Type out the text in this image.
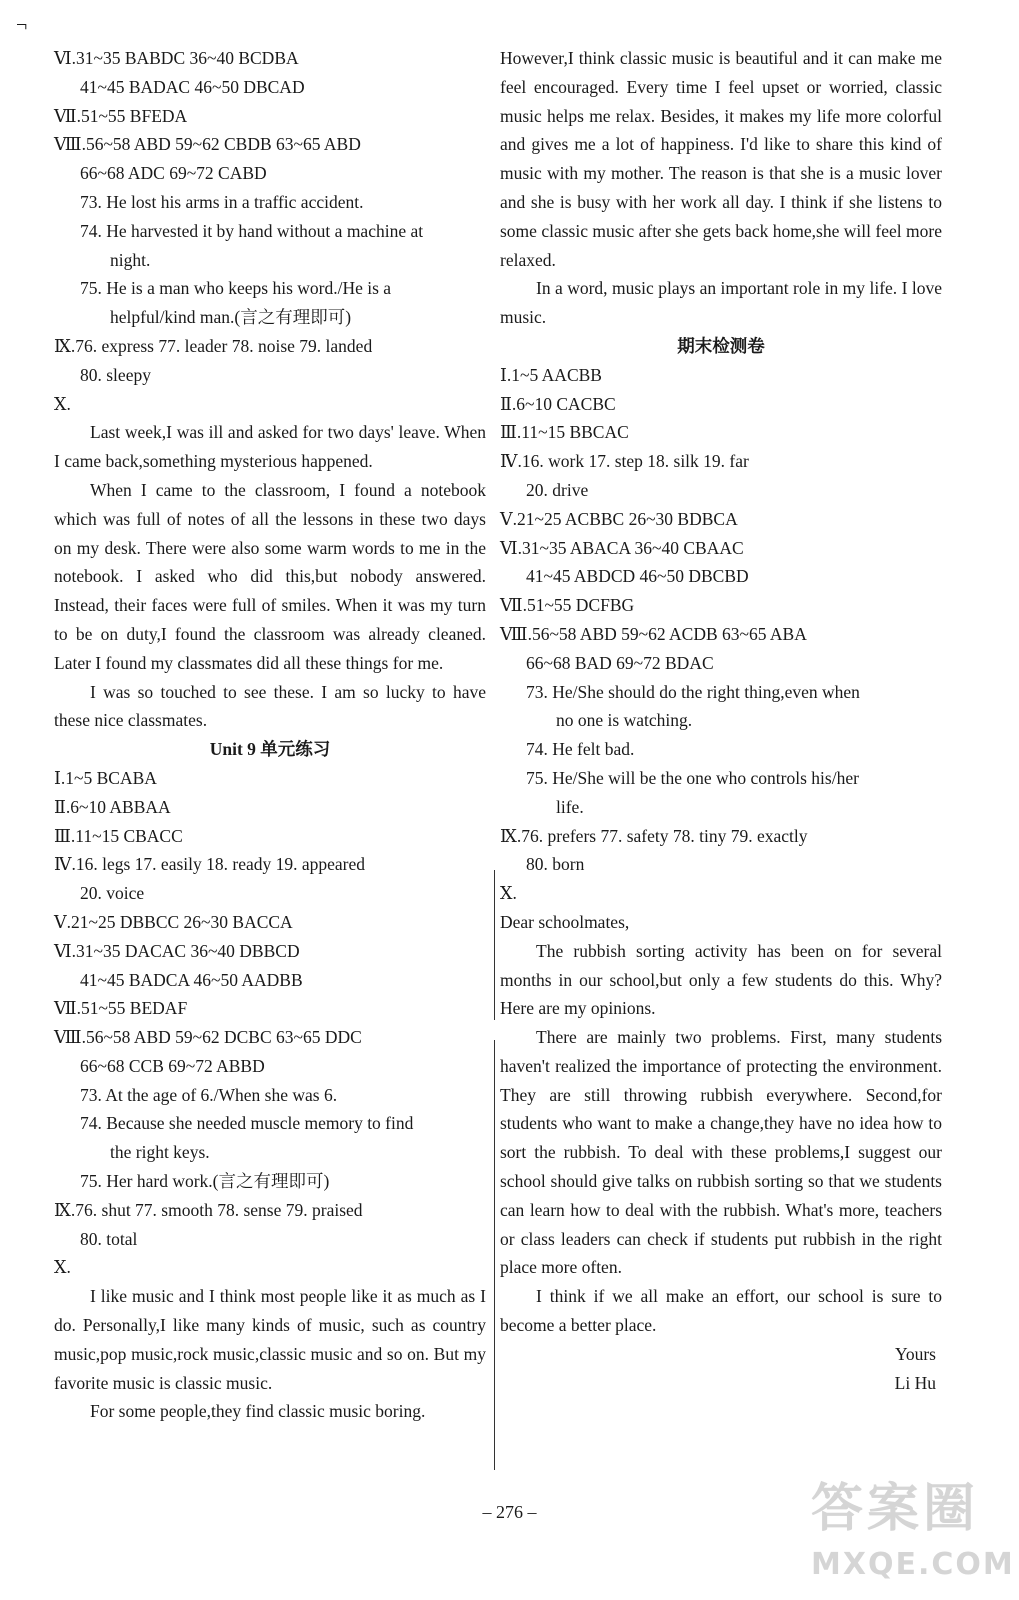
¬
Ⅵ.31~35 BABDC 36~40 BCDBA
41~45 BADAC 46~50 DBCAD
Ⅶ.51~55 BFEDA
Ⅷ.56~58 ABD 59~62 CBDB 63~65 ABD
66~68 ADC 69~72 CABD
73. He lost his arms in a traffic accident.
74. He harvested it by hand without a machine at
night.
75. He is a man who keeps his word./He is a
helpful/kind man.(言之有理即可)
Ⅸ.76. express 77. leader 78. noise 79. landed
80. sleepy
Ⅹ.
Last week,I was ill and asked for two days' leave. When I came back,something mysterious happened.
When I came to the classroom, I found a notebook which was full of notes of all the lessons in these two days on my desk. There were also some warm words to me in the notebook. I asked who did this,but nobody answered. Instead, their faces were full of smiles. When it was my turn to be on duty,I found the classroom was already cleaned. Later I found my classmates did all these things for me.
I was so touched to see these. I am so lucky to have these nice classmates.
Unit 9 单元练习
Ⅰ.1~5 BCABA
Ⅱ.6~10 ABBAA
Ⅲ.11~15 CBACC
Ⅳ.16. legs 17. easily 18. ready 19. appeared
20. voice
Ⅴ.21~25 DBBCC 26~30 BACCA
Ⅵ.31~35 DACAC 36~40 DBBCD
41~45 BADCA 46~50 AADBB
Ⅶ.51~55 BEDAF
Ⅷ.56~58 ABD 59~62 DCBC 63~65 DDC
66~68 CCB 69~72 ABBD
73. At the age of 6./When she was 6.
74. Because she needed muscle memory to find
the right keys.
75. Her hard work.(言之有理即可)
Ⅸ.76. shut 77. smooth 78. sense 79. praised
80. total
Ⅹ.
I like music and I think most people like it as much as I do. Personally,I like many kinds of music, such as country music,pop music,rock music,classic music and so on. But my favorite music is classic music.
For some people,they find classic music boring.
However,I think classic music is beautiful and it can make me feel encouraged. Every time I feel upset or worried, classic music helps me relax. Besides, it makes my life more colorful and gives me a lot of happiness. I'd like to share this kind of music with my mother. The reason is that she is a music lover and she is busy with her work all day. I think if she listens to some classic music after she gets back home,she will feel more relaxed.
In a word, music plays an important role in my life. I love music.
期末检测卷
Ⅰ.1~5 AACBB
Ⅱ.6~10 CACBC
Ⅲ.11~15 BBCAC
Ⅳ.16. work 17. step 18. silk 19. far
20. drive
Ⅴ.21~25 ACBBC 26~30 BDBCA
Ⅵ.31~35 ABACA 36~40 CBAAC
41~45 ABDCD 46~50 DBCBD
Ⅶ.51~55 DCFBG
Ⅷ.56~58 ABD 59~62 ACDB 63~65 ABA
66~68 BAD 69~72 BDAC
73. He/She should do the right thing,even when
no one is watching.
74. He felt bad.
75. He/She will be the one who controls his/her
life.
Ⅸ.76. prefers 77. safety 78. tiny 79. exactly
80. born
Ⅹ.
Dear schoolmates,
The rubbish sorting activity has been on for several months in our school,but only a few students do this. Why? Here are my opinions.
There are mainly two problems. First, many students haven't realized the importance of protecting the environment. They are still throwing rubbish everywhere. Second,for students who want to make a change,they have no idea how to sort the rubbish. To deal with these problems,I suggest our school should give talks on rubbish sorting so that we students can learn how to deal with the rubbish. What's more, teachers or class leaders can check if students put rubbish in the right place more often.
I think if we all make an effort, our school is sure to become a better place.
Yours
Li Hu
– 276 –	答案圈
MXQE.COM
